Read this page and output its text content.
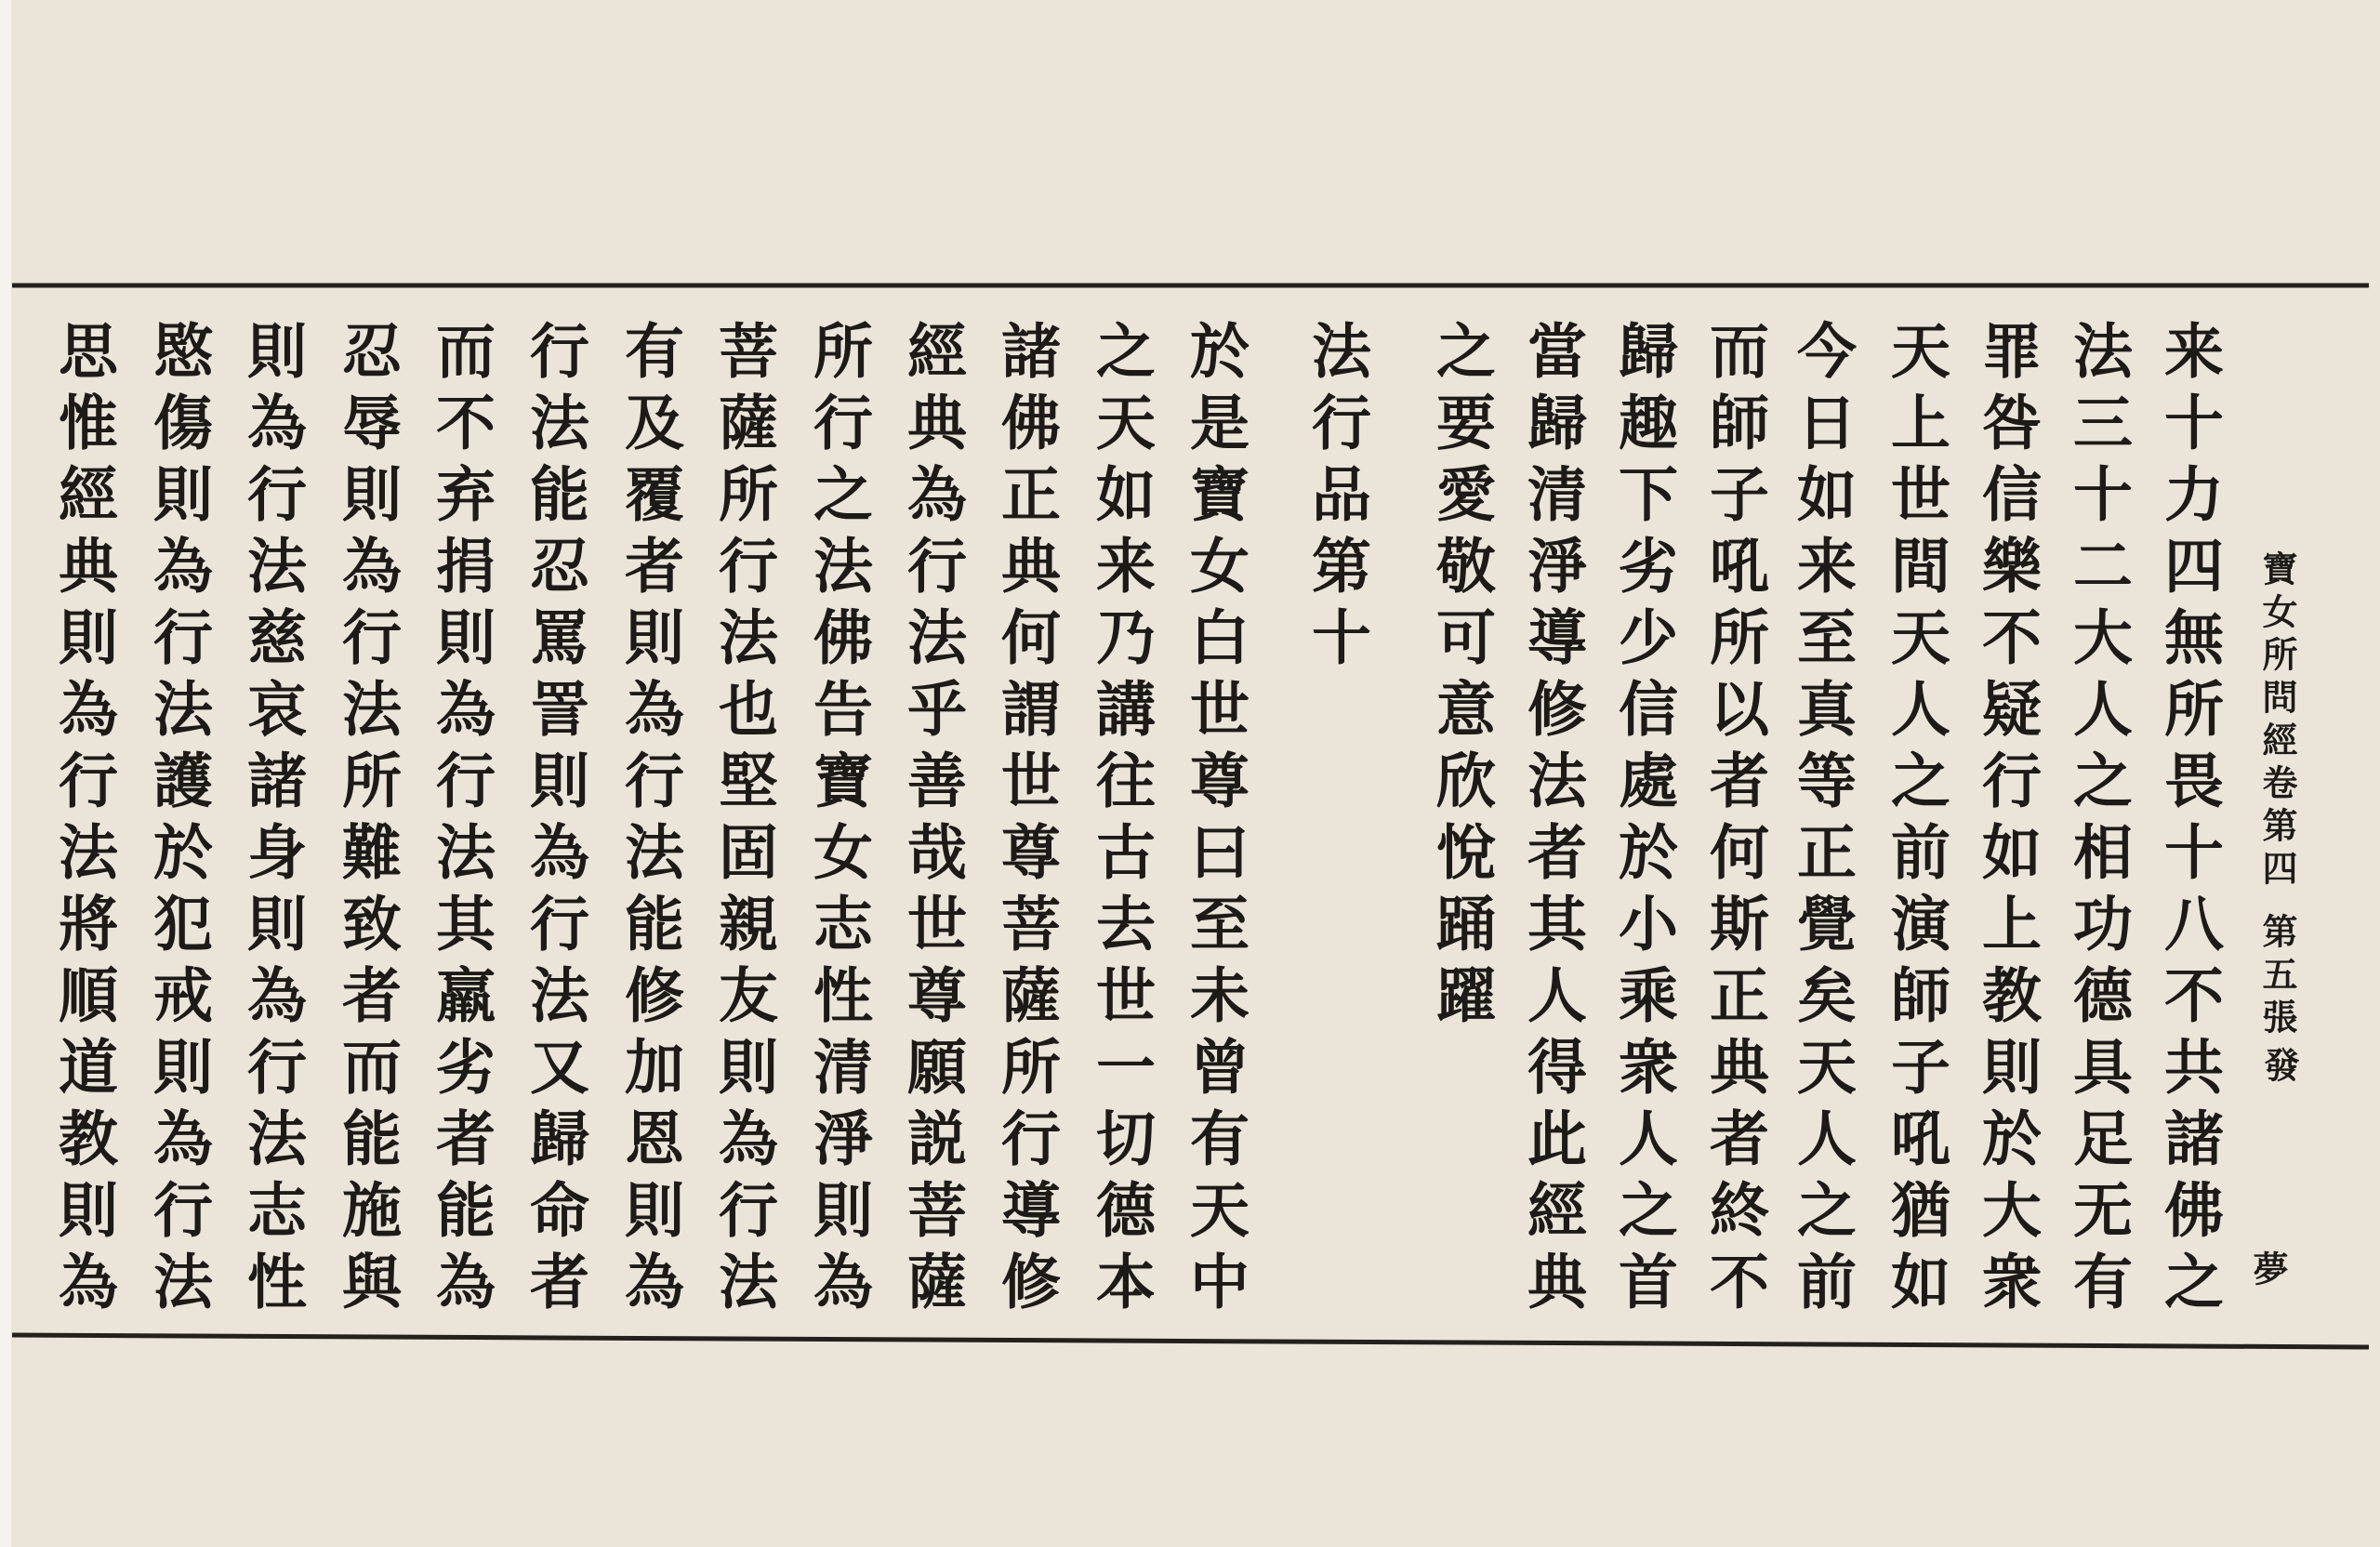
寶女所問經卷第四
第五張
發
夢
来十力四無所畏十八不共諸佛之
法三十二大人之相功德具足无有
罪咎信樂不疑行如上教則於大衆
天上世間天人之前演師子吼猶如
今日如来至真等正覺矣天人之前
而師子吼所以者何斯正典者終不
歸趣下劣少信處於小乘衆人之首
當歸清淨導修法者其人得此經典
之要愛敬可意欣悅踊躍
法行品第十
於是寶女白世尊曰至未曾有天中
之天如来乃講往古去世一切德本
諸佛正典何謂世尊菩薩所行導修
經典為行法乎善哉世尊願説菩薩
所行之法佛告寶女志性清淨則為
菩薩所行法也堅固親友則為行法
有及覆者則為行法能修加恩則為
行法能忍罵詈則為行法又歸命者
而不弃捐則為行法其羸劣者能為
忍辱則為行法所難致者而能施與
則為行法慈哀諸身則為行法志性
愍傷則為行法護於犯戒則為行法
思惟經典則為行法將順道教則為
